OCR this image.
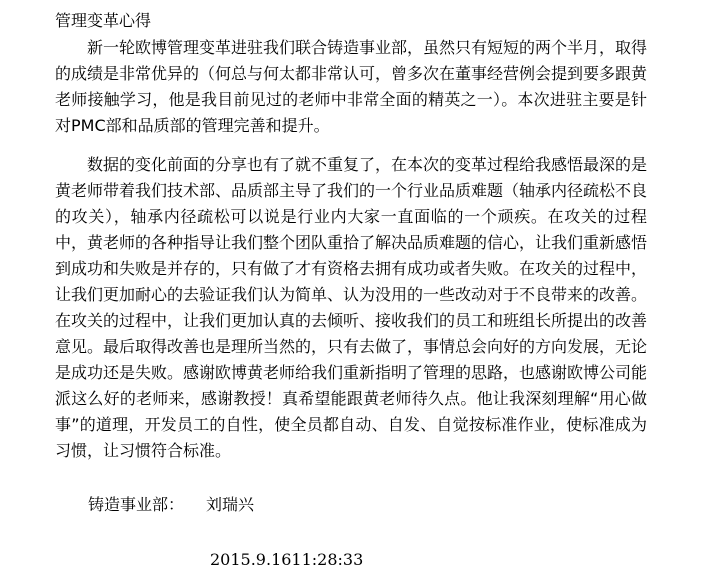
管理变革心得

新一轮欧博管理变革进驻我们联合铸造事业部，虽然只有短短的两个半月，取得的成绩是非常优异的（何总与何太都非常认可，曾多次在董事经营例会提到要多跟黄老师接触学习，他是我目前见过的老师中非常全面的精英之一）。本次进驻主要是针对PMC部和品质部的管理完善和提升。

数据的变化前面的分享也有了就不重复了，在本次的变革过程给我感悟最深的是黄老师带着我们技术部、品质部主导了我们的一个行业品质难题（轴承内径疏松不良的攻关），轴承内径疏松可以说是行业内大家一直面临的一个顽疾。在攻关的过程中，黄老师的各种指导让我们整个团队重拾了解决品质难题的信心，让我们重新感悟到成功和失败是并存的，只有做了才有资格去拥有成功或者失败。在攻关的过程中，让我们更加耐心的去验证我们认为简单、认为没用的一些改动对于不良带来的改善。在攻关的过程中，让我们更加认真的去倾听、接收我们的员工和班组长所提出的改善意见。最后取得改善也是理所当然的，只有去做了，事情总会向好的方向发展，无论是成功还是失败。感谢欧博黄老师给我们重新指明了管理的思路，也感谢欧博公司能派这么好的老师来，感谢教授！真希望能跟黄老师待久点。他让我深刻理解“用心做事”的道理，开发员工的自性，使全员都自动、自发、自觉按标准作业，使标准成为习惯，让习惯符合标准。

铸造事业部： 刘瑞兴
2015.9.1611:28:33
